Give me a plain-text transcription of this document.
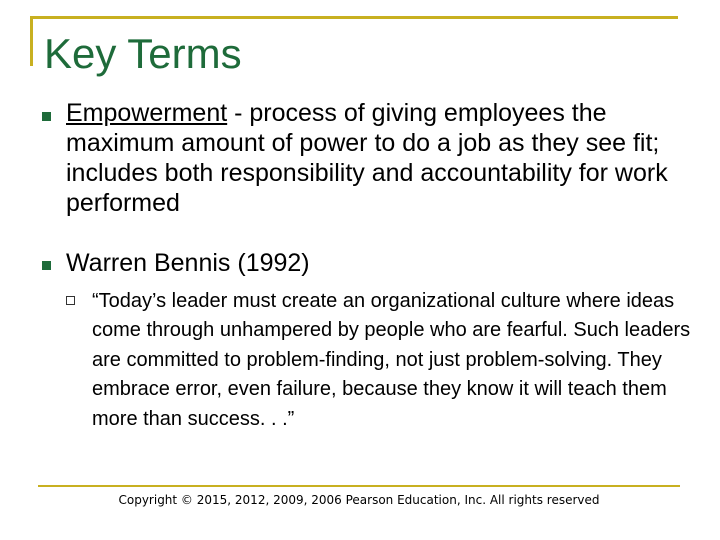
Key Terms

Empowerment - process of giving employees the maximum amount of power to do a job as they see fit; includes both responsibility and accountability for work performed

Warren Bennis (1992)

“Today’s leader must create an organizational culture where ideas come through unhampered by people who are fearful. Such leaders are committed to problem-finding, not just problem-solving. They embrace error, even failure, because they know it will teach them more than success. . .”

Copyright © 2015, 2012, 2009, 2006 Pearson Education, Inc. All rights reserved
